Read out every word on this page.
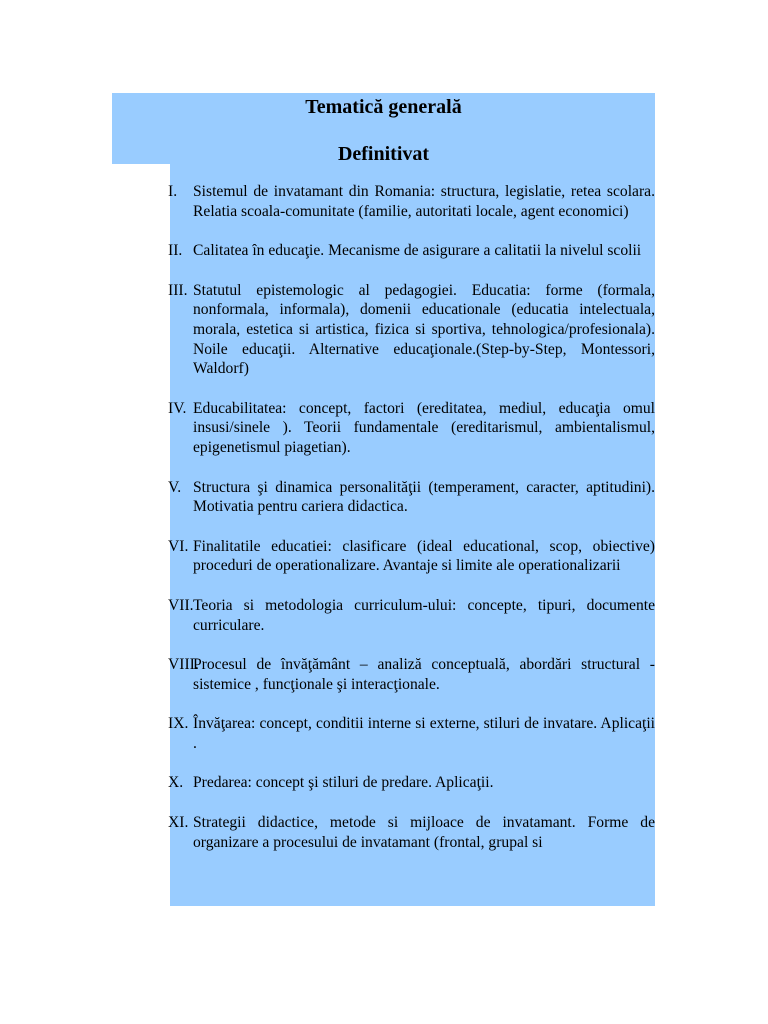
Tematică generală
Definitivat
I. Sistemul de invatamant din Romania: structura, legislatie, retea scolara. Relatia scoala-comunitate (familie, autoritati locale, agent economici)
II. Calitatea în educaţie. Mecanisme de asigurare a calitatii la nivelul scolii
III. Statutul epistemologic al pedagogiei. Educatia: forme (formala, nonformala, informala), domenii educationale (educatia intelectuala, morala, estetica si artistica, fizica si sportiva, tehnologica/profesionala). Noile educaţii. Alternative educaţionale.(Step-by-Step, Montessori, Waldorf)
IV. Educabilitatea: concept, factori (ereditatea, mediul, educaţia omul insusi/sinele ). Teorii fundamentale (ereditarismul, ambientalismul, epigenetismul piagetian).
V. Structura şi dinamica personalităţii (temperament, caracter, aptitudini). Motivatia pentru cariera didactica.
VI. Finalitatile educatiei: clasificare (ideal educational, scop, obiective) proceduri de operationalizare. Avantaje si limite ale operationalizarii
VII. Teoria si metodologia curriculum-ului: concepte, tipuri, documente curriculare.
VIII.
Procesul de învăţământ – analiză conceptuală, abordări structural -sistemice , funcţionale şi interacţionale.
IX. Învăţarea: concept, conditii interne si externe, stiluri de invatare. Aplicaţii .
X. Predarea: concept şi stiluri de predare. Aplicaţii.
XI. Strategii didactice, metode si mijloace de invatamant. Forme de organizare a procesului de invatamant (frontal, grupal si
